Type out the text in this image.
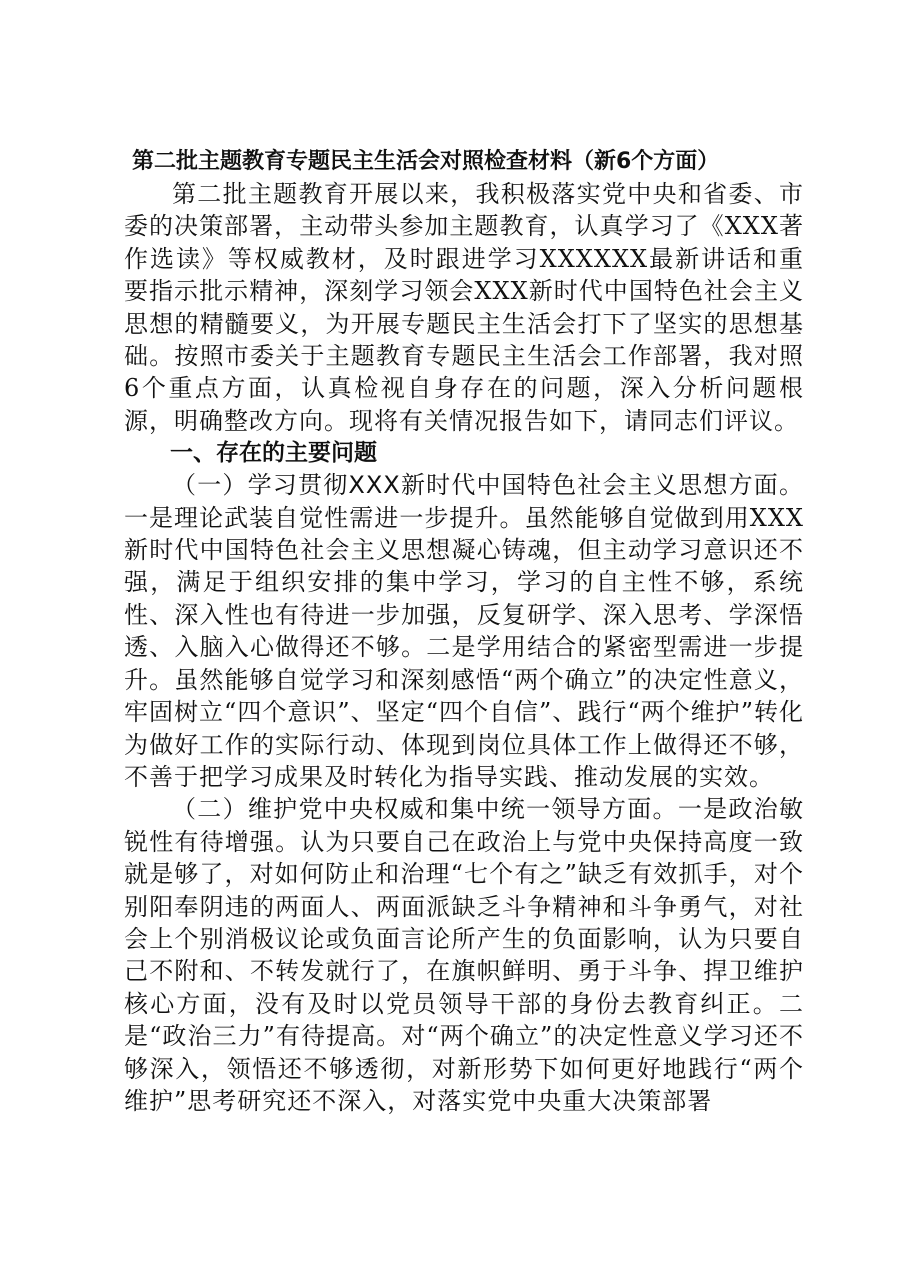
第二批主题教育专题民主生活会对照检查材料（新6个方面）

第二批主题教育开展以来，我积极落实党中央和省委、市委的决策部署，主动带头参加主题教育，认真学习了《XXX著作选读》等权威教材，及时跟进学习XXXXXX最新讲话和重要指示批示精神，深刻学习领会XXX新时代中国特色社会主义思想的精髓要义，为开展专题民主生活会打下了坚实的思想基础。按照市委关于主题教育专题民主生活会工作部署，我对照6个重点方面，认真检视自身存在的问题，深入分析问题根源，明确整改方向。现将有关情况报告如下，请同志们评议。

一、存在的主要问题

（一）学习贯彻XXX新时代中国特色社会主义思想方面。一是理论武装自觉性需进一步提升。虽然能够自觉做到用XXX新时代中国特色社会主义思想凝心铸魂，但主动学习意识还不强，满足于组织安排的集中学习，学习的自主性不够，系统性、深入性也有待进一步加强，反复研学、深入思考、学深悟透、入脑入心做得还不够。二是学用结合的紧密型需进一步提升。虽然能够自觉学习和深刻感悟“两个确立”的决定性意义，牢固树立“四个意识”、坚定“四个自信”、践行“两个维护”转化为做好工作的实际行动、体现到岗位具体工作上做得还不够，不善于把学习成果及时转化为指导实践、推动发展的实效。

（二）维护党中央权威和集中统一领导方面。一是政治敏锐性有待增强。认为只要自己在政治上与党中央保持高度一致就是够了，对如何防止和治理“七个有之”缺乏有效抓手，对个别阳奉阴违的两面人、两面派缺乏斗争精神和斗争勇气，对社会上个别消极议论或负面言论所产生的负面影响，认为只要自己不附和、不转发就行了，在旗帜鲜明、勇于斗争、捍卫维护核心方面，没有及时以党员领导干部的身份去教育纠正。二是“政治三力”有待提高。对“两个确立”的决定性意义学习还不够深入，领悟还不够透彻，对新形势下如何更好地践行“两个维护”思考研究还不深入，对落实党中央重大决策部署
